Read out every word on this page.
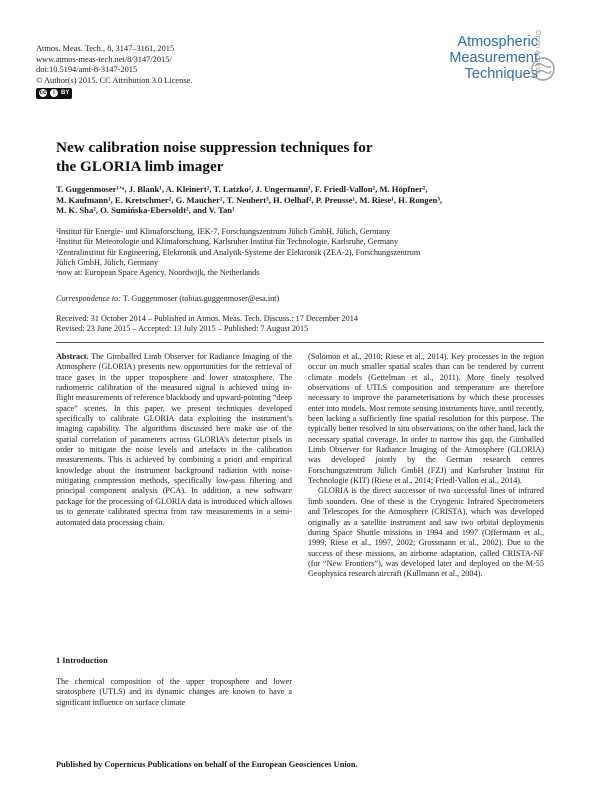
Atmos. Meas. Tech., 8, 3147–3161, 2015
www.atmos-meas-tech.net/8/3147/2015/
doi:10.5194/amt-8-3147-2015
© Author(s) 2015. CC Attribution 3.0 License.
cc	i	BY
Atmospheric
Measurement
Techniques
Open Access
New calibration noise suppression techniques for
the GLORIA limb imager
T. Guggenmoser¹ʼᵃ, J. Blank¹, A. Kleinert², T. Latzko², J. Ungermann¹, F. Friedl-Vallon², M. Höpfner²,
M. Kaufmann¹, E. Kretschmer², G. Maucher², T. Neubert³, H. Oelhaf², P. Preusse¹, M. Riese¹, H. Rongen³,
M. K. Sha², O. Sumińska-Ebersoldt², and V. Tan¹
¹Institut für Energie- und Klimaforschung, IEK-7, Forschungszentrum Jülich GmbH, Jülich, Germany
²Institut für Meteorologie und Klimaforschung, Karlsruher Institut für Technologie, Karlsruhe, Germany
³Zentralinstitut für Engineering, Elektronik und Analytik-Systeme der Elektronik (ZEA-2), Forschungszentrum
Jülich GmbH, Jülich, Germany
ᵃnow at: European Space Agency, Noordwijk, the Netherlands
Correspondence to: T. Guggenmoser (tobias.guggenmoser@esa.int)
Received: 31 October 2014 – Published in Atmos. Meas. Tech. Discuss.: 17 December 2014
Revised: 23 June 2015 – Accepted: 13 July 2015 – Published: 7 August 2015

Abstract. The Gimballed Limb Observer for Radiance Imaging of the Atmosphere (GLORIA) presents new opportunities for the retrieval of trace gases in the upper troposphere and lower stratosphere. The radiometric calibration of the measured signal is achieved using in-flight measurements of reference blackbody and upward-pointing “deep space” scenes. In this paper, we present techniques developed specifically to calibrate GLORIA data exploiting the instrument’s imaging capability. The algorithms discussed here make use of the spatial correlation of parameters across GLORIA’s detector pixels in order to mitigate the noise levels and artefacts in the calibration measurements. This is achieved by combining a priori and empirical knowledge about the instrument background radiation with noise-mitigating compression methods, specifically low-pass filtering and principal component analysis (PCA). In addition, a new software package for the processing of GLORIA data is introduced which allows us to generate calibrated spectra from raw measurements in a semi-automated data processing chain.

1 Introduction
The chemical composition of the upper troposphere and lower stratosphere (UTLS) and its dynamic changes are known to have a significant influence on surface climate

(Solomon et al., 2010; Riese et al., 2014). Key processes in the region occur on much smaller spatial scales than can be rendered by current climate models (Gettelman et al., 2011). More finely resolved observations of UTLS composition and temperature are therefore necessary to improve the parameterisations by which these processes enter into models. Most remote sensing instruments have, until recently, been lacking a sufficiently fine spatial resolution for this purpose. The typically better resolved in situ observations, on the other hand, lack the necessary spatial coverage. In order to narrow this gap, the Gimballed Limb Observer for Radiance Imaging of the Atmosphere (GLORIA) was developed jointly by the German research centres Forschungszentrum Jülich GmbH (FZJ) and Karlsruher Institut für Technologie (KIT) (Riese et al., 2014; Friedl-Vallon et al., 2014).

GLORIA is the direct successor of two successful lines of infrared limb sounders. One of these is the Cryogenic Infrared Spectrometers and Telescopes for the Atmosphere (CRISTA), which was developed originally as a satellite instrument and saw two orbital deployments during Space Shuttle missions in 1994 and 1997 (Offermann et al., 1999; Riese et al., 1997, 2002; Grossmann et al., 2002). Due to the success of these missions, an airborne adaptation, called CRISTA-NF (for “New Frontiers”), was developed later and deployed on the M-55 Geophysica research aircraft (Kullmann et al., 2004).

Published by Copernicus Publications on behalf of the European Geosciences Union.
